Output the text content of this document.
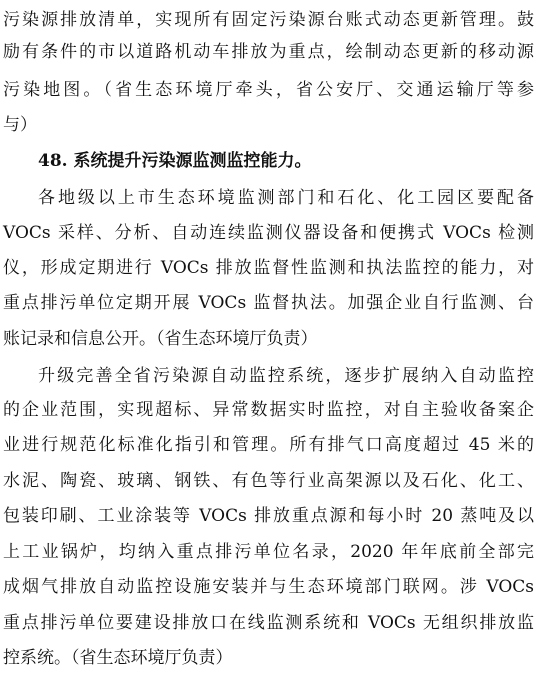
污染源排放清单，实现所有固定污染源台账式动态更新管理。鼓
励有条件的市以道路机动车排放为重点，绘制动态更新的移动源
污染地图。（省生态环境厅牵头，省公安厅、交通运输厅等参
与）
48. 系统提升污染源监测监控能力。
各地级以上市生态环境监测部门和石化、化工园区要配备
VOCs 采样、分析、自动连续监测仪器设备和便携式 VOCs 检测
仪，形成定期进行 VOCs 排放监督性监测和执法监控的能力，对
重点排污单位定期开展 VOCs 监督执法。加强企业自行监测、台
账记录和信息公开。（省生态环境厅负责）
升级完善全省污染源自动监控系统，逐步扩展纳入自动监控
的企业范围，实现超标、异常数据实时监控，对自主验收备案企
业进行规范化标准化指引和管理。所有排气口高度超过 45 米的
水泥、陶瓷、玻璃、钢铁、有色等行业高架源以及石化、化工、
包装印刷、工业涂装等 VOCs 排放重点源和每小时 20 蒸吨及以
上工业锅炉，均纳入重点排污单位名录，2020 年年底前全部完
成烟气排放自动监控设施安装并与生态环境部门联网。涉 VOCs
重点排污单位要建设排放口在线监测系统和 VOCs 无组织排放监
控系统。（省生态环境厅负责）
